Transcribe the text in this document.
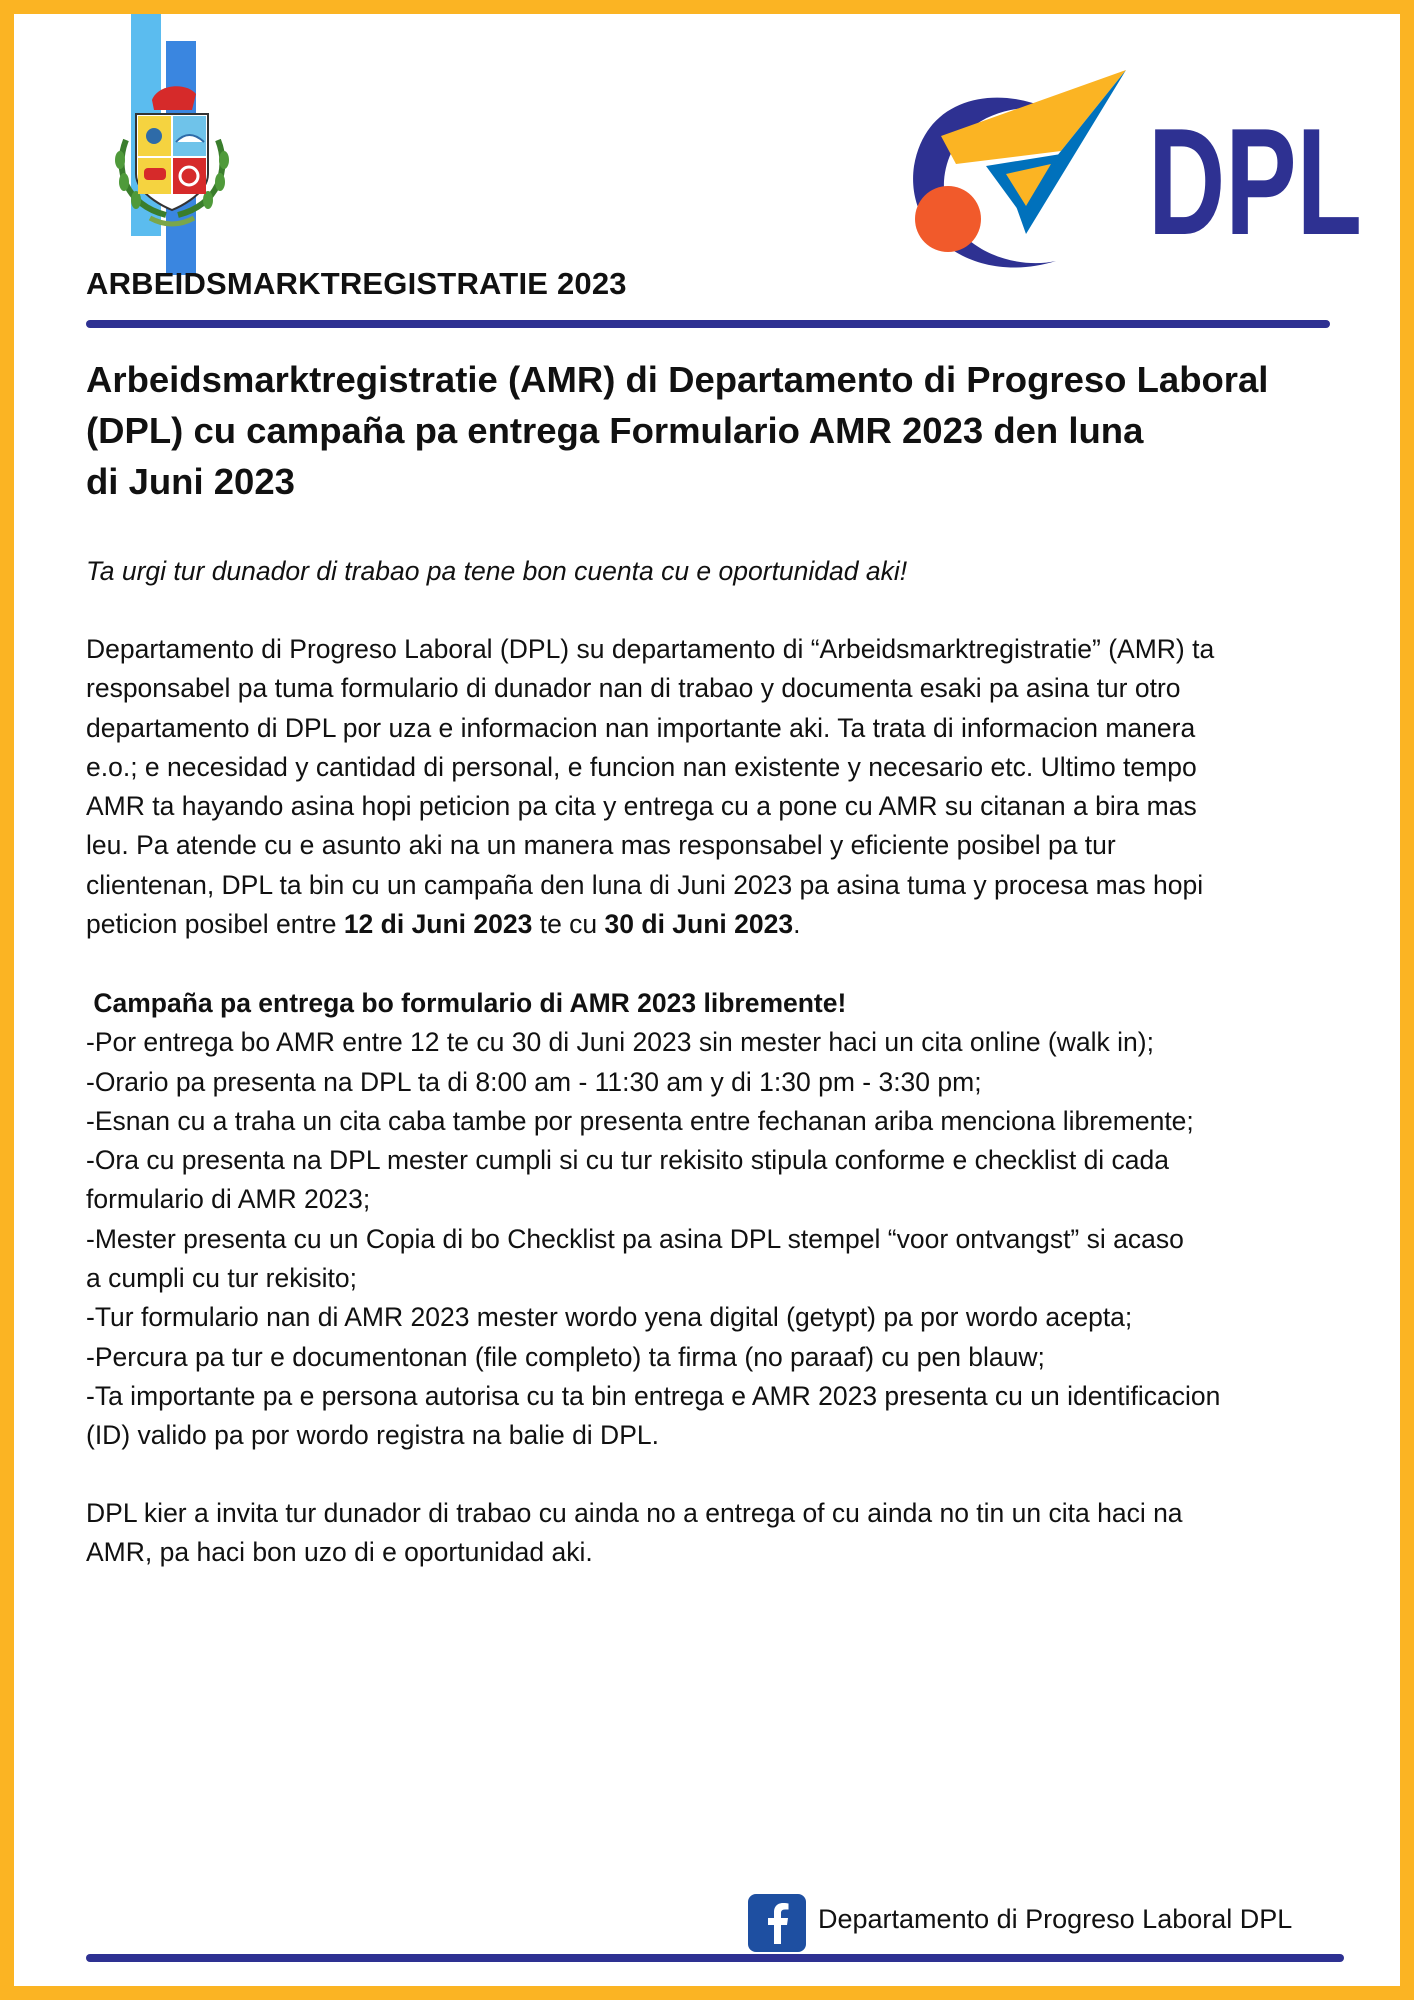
DPL
ARBEIDSMARKTREGISTRATIE 2023
Arbeidsmarktregistratie (AMR) di Departamento di Progreso Laboral
(DPL) cu campaña pa entrega Formulario AMR 2023 den luna
di Juni 2023
Ta urgi tur dunador di trabao pa tene bon cuenta cu e oportunidad aki!
Departamento di Progreso Laboral (DPL) su departamento di “Arbeidsmarktregistratie” (AMR) ta
responsabel pa tuma formulario di dunador nan di trabao y documenta esaki pa asina tur otro
departamento di DPL por uza e informacion nan importante aki. Ta trata di informacion manera
e.o.; e necesidad y cantidad di personal, e funcion nan existente y necesario etc. Ultimo tempo
AMR ta hayando asina hopi peticion pa cita y entrega cu a pone cu AMR su citanan a bira mas
leu. Pa atende cu e asunto aki na un manera mas responsabel y eficiente posibel pa tur
clientenan, DPL ta bin cu un campaña den luna di Juni 2023 pa asina tuma y procesa mas hopi
peticion posibel entre 12 di Juni 2023 te cu 30 di Juni 2023.
Campaña pa entrega bo formulario di AMR 2023 libremente!
-Por entrega bo AMR entre 12 te cu 30 di Juni 2023 sin mester haci un cita online (walk in);
-Orario pa presenta na DPL ta di 8:00 am - 11:30 am y di 1:30 pm - 3:30 pm;
-Esnan cu a traha un cita caba tambe por presenta entre fechanan ariba menciona libremente;
-Ora cu presenta na DPL mester cumpli si cu tur rekisito stipula conforme e checklist di cada
formulario di AMR 2023;
-Mester presenta cu un Copia di bo Checklist pa asina DPL stempel “voor ontvangst” si acaso
a cumpli cu tur rekisito;
-Tur formulario nan di AMR 2023 mester wordo yena digital (getypt) pa por wordo acepta;
-Percura pa tur e documentonan (file completo) ta firma (no paraaf) cu pen blauw;
-Ta importante pa e persona autorisa cu ta bin entrega e AMR 2023 presenta cu un identificacion
(ID) valido pa por wordo registra na balie di DPL.
DPL kier a invita tur dunador di trabao cu ainda no a entrega of cu ainda no tin un cita haci na
AMR, pa haci bon uzo di e oportunidad aki.
Departamento di Progreso Laboral DPL
